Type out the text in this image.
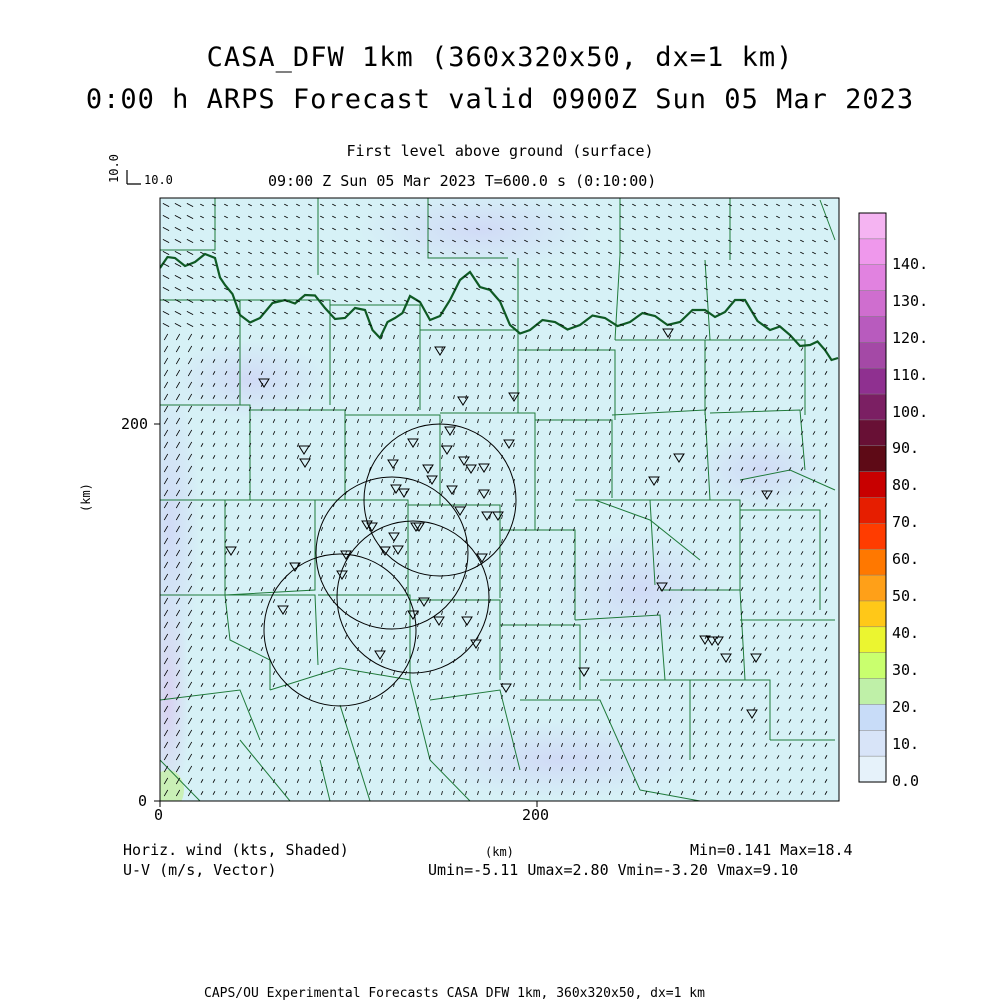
CASA_DFW 1km (360x320x50, dx=1 km)
0:00 h ARPS Forecast valid 0900Z Sun 05 Mar 2023
First level above ground (surface)
09:00 Z Sun 05 Mar 2023 T=600.0 s (0:10:00)
10.0 10.0
0	200
0
200
(km)
140.
130.
120.
110.
100.
90.
80.
70.
60.
50.
40.
30.
20.
10.
0.0
Horiz. wind (kts, Shaded)
U-V (m/s, Vector)
(km)	Min=0.141 Max=18.4
Umin=-5.11 Umax=2.80 Vmin=-3.20 Vmax=9.10
CAPS/OU Experimental Forecasts CASA DFW 1km, 360x320x50, dx=1 km
